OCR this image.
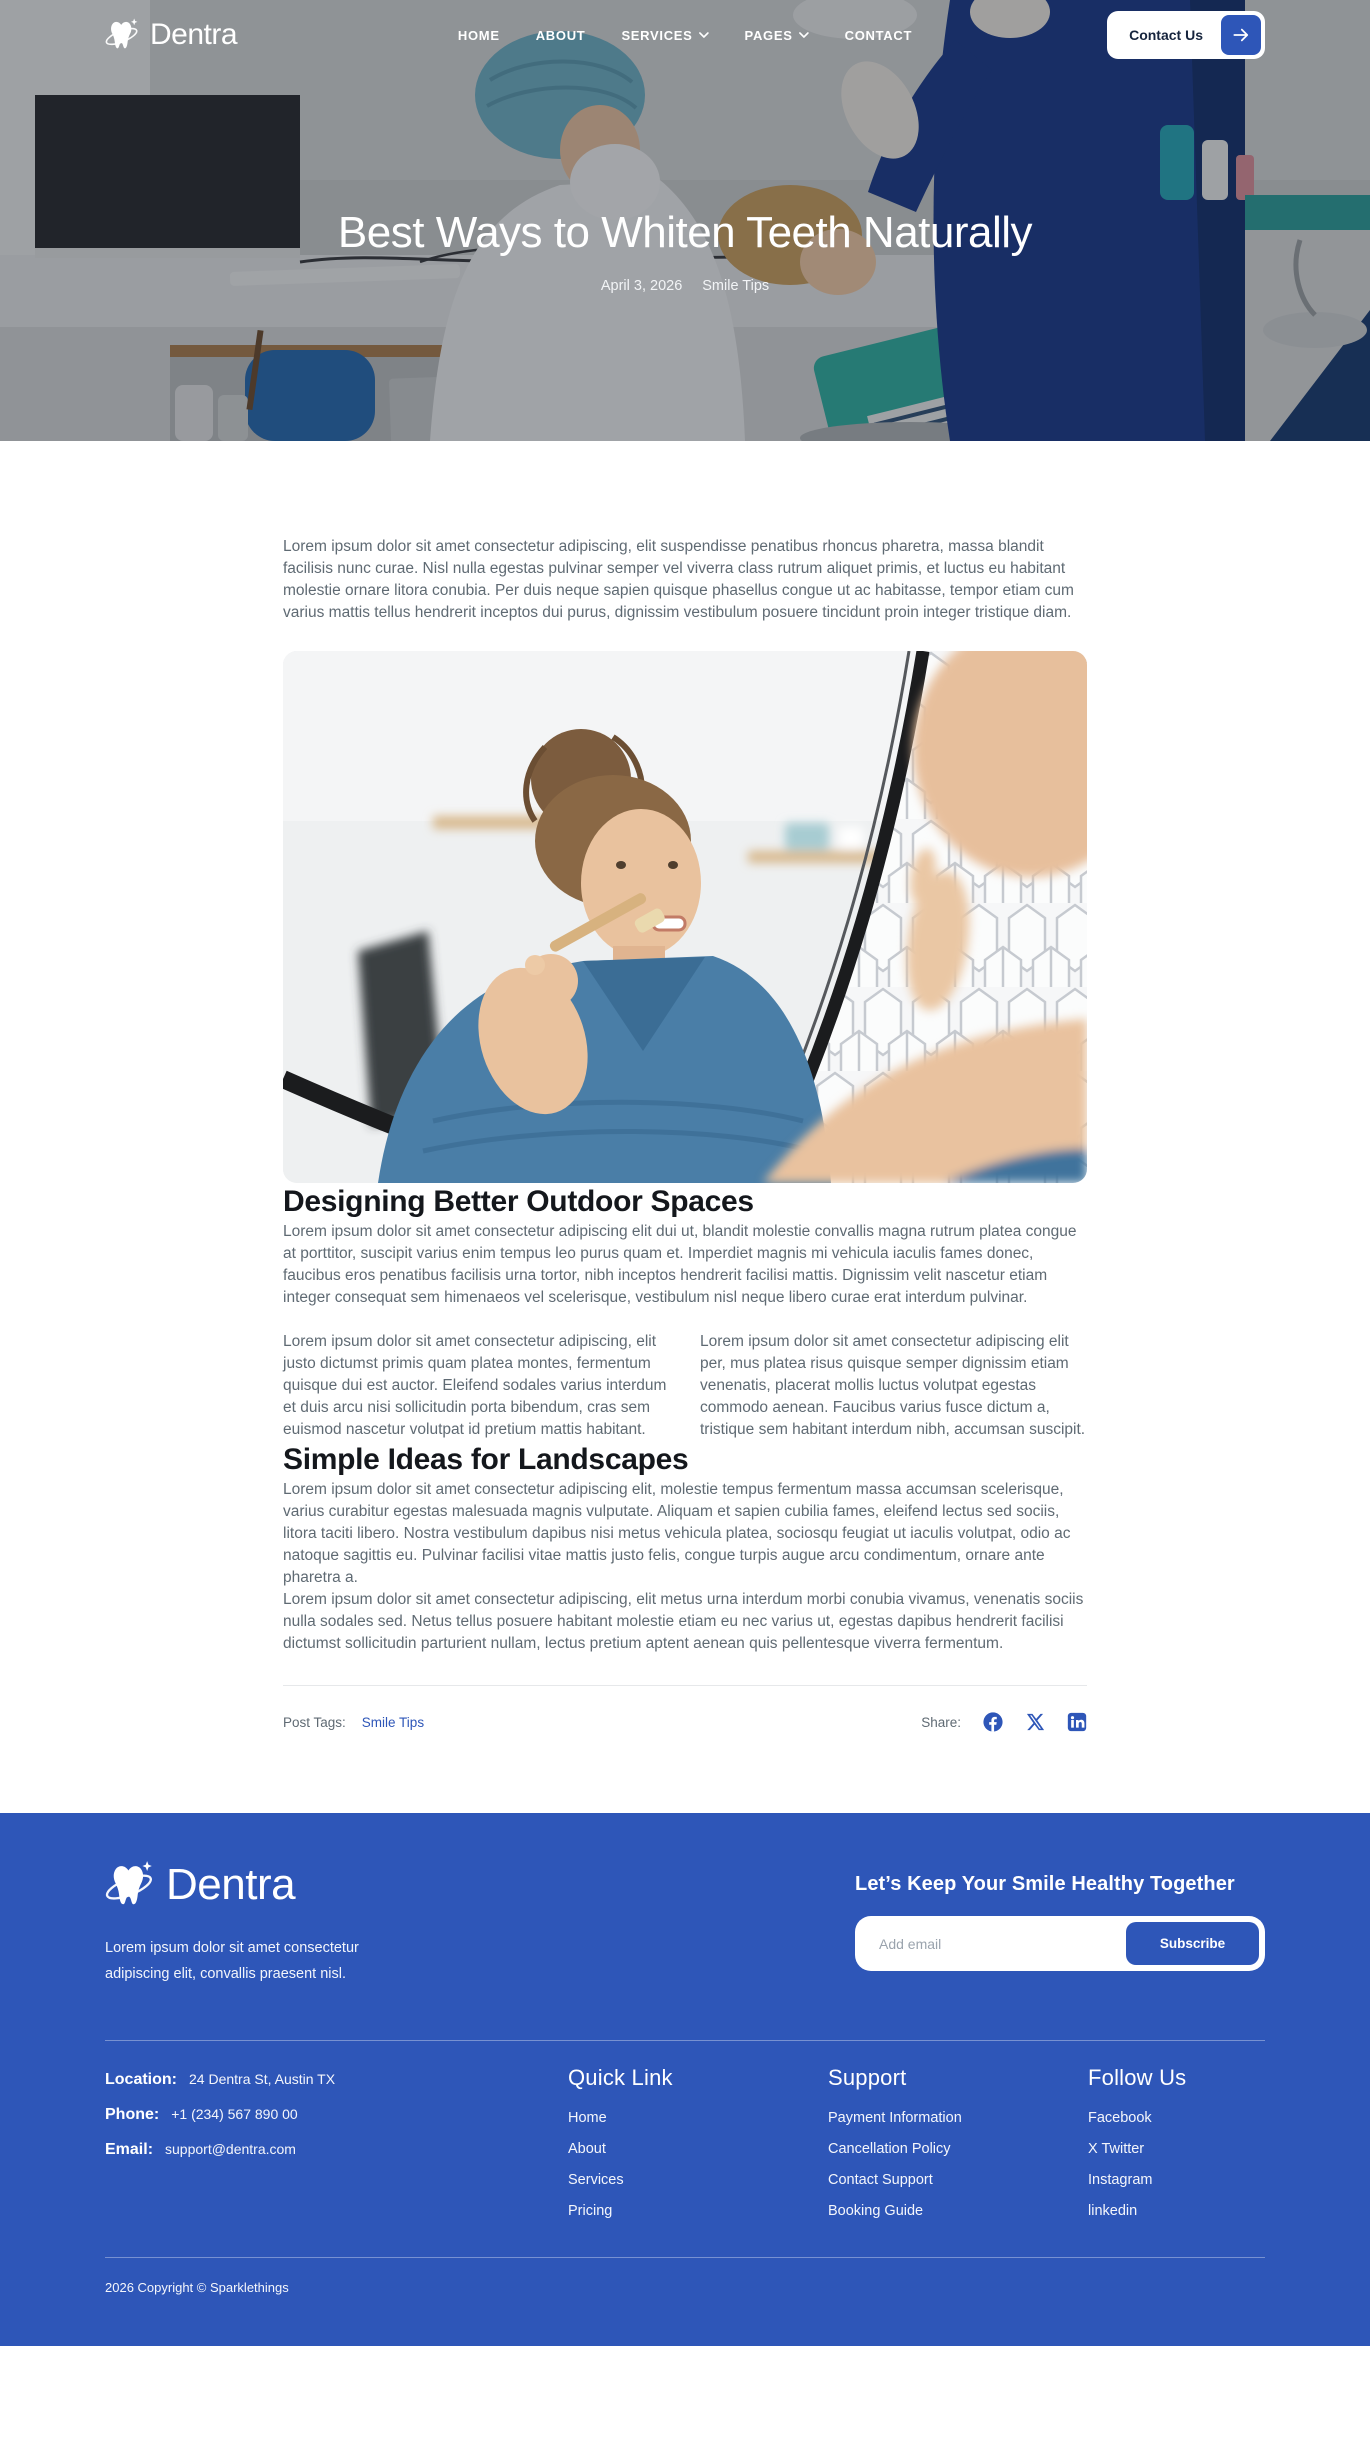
Dentra	HOME	ABOUT	SERVICES	PAGES	CONTACT	Contact Us
Best Ways to Whiten Teeth Naturally
April 3, 2026 Smile Tips

Lorem ipsum dolor sit amet consectetur adipiscing, elit suspendisse penatibus rhoncus pharetra, massa blandit facilisis nunc curae. Nisl nulla egestas pulvinar semper vel viverra class rutrum aliquet primis, et luctus eu habitant molestie ornare litora conubia. Per duis neque sapien quisque phasellus congue ut ac habitasse, tempor etiam cum varius mattis tellus hendrerit inceptos dui purus, dignissim vestibulum posuere tincidunt proin integer tristique diam.

Designing Better Outdoor Spaces

Lorem ipsum dolor sit amet consectetur adipiscing elit dui ut, blandit molestie convallis magna rutrum platea congue at porttitor, suscipit varius enim tempus leo purus quam et. Imperdiet magnis mi vehicula iaculis fames donec, faucibus eros penatibus facilisis urna tortor, nibh inceptos hendrerit facilisi mattis. Dignissim velit nascetur etiam integer consequat sem himenaeos vel scelerisque, vestibulum nisl neque libero curae erat interdum pulvinar.

Lorem ipsum dolor sit amet consectetur adipiscing, elit justo dictumst primis quam platea montes, fermentum quisque dui est auctor. Eleifend sodales varius interdum et duis arcu nisi sollicitudin porta bibendum, cras sem euismod nascetur volutpat id pretium mattis habitant.

Lorem ipsum dolor sit amet consectetur adipiscing elit per, mus platea risus quisque semper dignissim etiam venenatis, placerat mollis luctus volutpat egestas commodo aenean. Faucibus varius fusce dictum a, tristique sem habitant interdum nibh, accumsan suscipit.

Simple Ideas for Landscapes

Lorem ipsum dolor sit amet consectetur adipiscing elit, molestie tempus fermentum massa accumsan scelerisque, varius curabitur egestas malesuada magnis vulputate. Aliquam et sapien cubilia fames, eleifend lectus sed sociis, litora taciti libero. Nostra vestibulum dapibus nisi metus vehicula platea, sociosqu feugiat ut iaculis volutpat, odio ac natoque sagittis eu. Pulvinar facilisi vitae mattis justo felis, congue turpis augue arcu condimentum, ornare ante pharetra a.

Lorem ipsum dolor sit amet consectetur adipiscing, elit metus urna interdum morbi conubia vivamus, venenatis sociis nulla sodales sed. Netus tellus posuere habitant molestie etiam eu nec varius ut, egestas dapibus hendrerit facilisi dictumst sollicitudin parturient nullam, lectus pretium aptent aenean quis pellentesque viverra fermentum.

Post Tags: Smile Tips	Share:
Dentra

Lorem ipsum dolor sit amet consectetur adipiscing elit, convallis praesent nisl.

Let’s Keep Your Smile Healthy Together
Add email
Subscribe
Location: 24 Dentra St, Austin TX
Phone: +1 (234) 567 890 00
Email: support@dentra.com
Quick Link
Home
About
Services
Pricing
Support
Payment Information
Cancellation Policy
Contact Support
Booking Guide
Follow Us
Facebook
X Twitter
Instagram
linkedin
2026 Copyright © Sparklethings
